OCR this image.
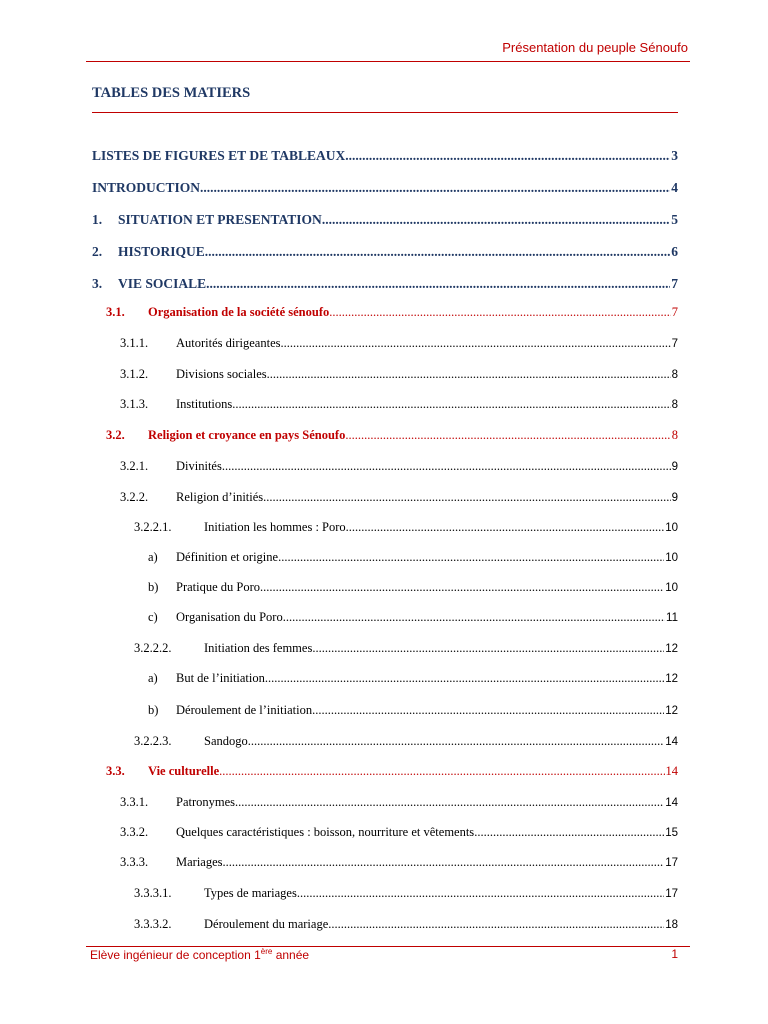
Présentation du peuple Sénoufo
TABLES DES MATIERS
LISTES DE FIGURES ET DE TABLEAUX .....	3
INTRODUCTION .....	4
1.	SITUATION ET PRESENTATION .....	5
2.	HISTORIQUE .....	6
3.	VIE SOCIALE .....	7
3.1.	Organisation de la société sénoufo .....	7
3.1.1.	Autorités dirigeantes .....	7
3.1.2.	Divisions sociales .....	8
3.1.3.	Institutions .....	8
3.2.	Religion et croyance en pays Sénoufo .....	8
3.2.1.	Divinités .....	9
3.2.2.	Religion d’initiés .....	9
3.2.2.1.	Initiation les hommes : Poro .....	10
a)	Définition et origine .....	10
b)	Pratique du Poro .....	10
c)	Organisation du Poro .....	11
3.2.2.2.	Initiation des femmes .....	12
a)	But de l’initiation .....	12
b)	Déroulement de l’initiation .....	12
3.2.2.3.	Sandogo .....	14
3.3.	Vie culturelle .....	14
3.3.1.	Patronymes .....	14
3.3.2.	Quelques caractéristiques : boisson, nourriture et vêtements .....	15
3.3.3.	Mariages .....	17
3.3.3.1.	Types de mariages .....	17
3.3.3.2.	Déroulement du mariage .....	18
Elève ingénieur de conception 1ère année	1
